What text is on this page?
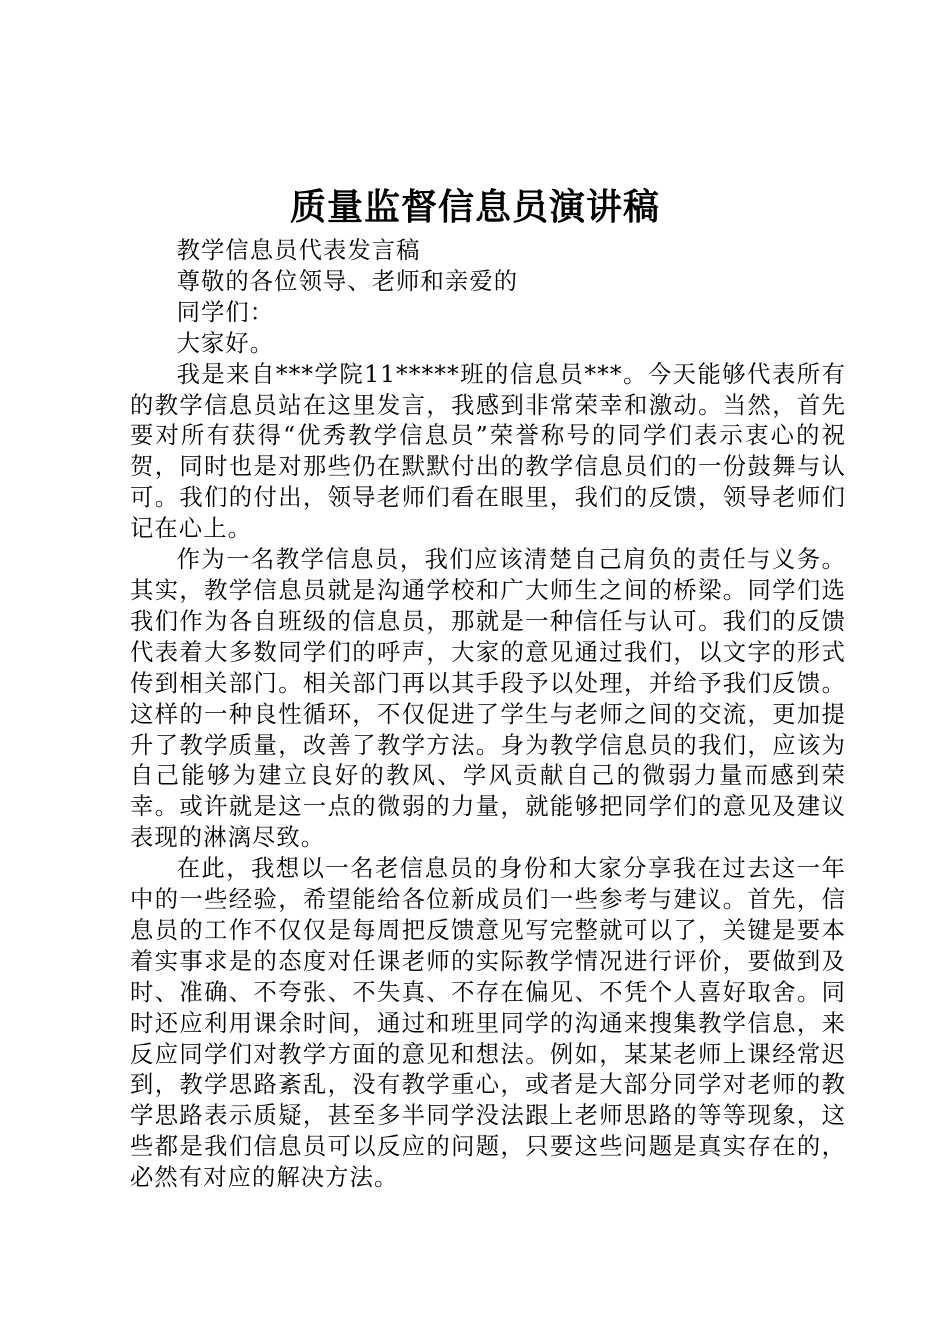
质量监督信息员演讲稿

教学信息员代表发言稿

尊敬的各位领导、老师和亲爱的

同学们：

大家好。

我是来自***学院11*****班的信息员***。今天能够代表所有的教学信息员站在这里发言，我感到非常荣幸和激动。当然，首先要对所有获得“优秀教学信息员”荣誉称号的同学们表示衷心的祝贺，同时也是对那些仍在默默付出的教学信息员们的一份鼓舞与认可。我们的付出，领导老师们看在眼里，我们的反馈，领导老师们记在心上。

作为一名教学信息员，我们应该清楚自己肩负的责任与义务。其实，教学信息员就是沟通学校和广大师生之间的桥梁。同学们选我们作为各自班级的信息员，那就是一种信任与认可。我们的反馈代表着大多数同学们的呼声，大家的意见通过我们，以文字的形式传到相关部门。相关部门再以其手段予以处理，并给予我们反馈。这样的一种良性循环，不仅促进了学生与老师之间的交流，更加提升了教学质量，改善了教学方法。身为教学信息员的我们，应该为自己能够为建立良好的教风、学风贡献自己的微弱力量而感到荣幸。或许就是这一点的微弱的力量，就能够把同学们的意见及建议表现的淋漓尽致。

在此，我想以一名老信息员的身份和大家分享我在过去这一年中的一些经验，希望能给各位新成员们一些参考与建议。首先，信息员的工作不仅仅是每周把反馈意见写完整就可以了，关键是要本着实事求是的态度对任课老师的实际教学情况进行评价，要做到及时、准确、不夸张、不失真、不存在偏见、不凭个人喜好取舍。同时还应利用课余时间，通过和班里同学的沟通来搜集教学信息，来反应同学们对教学方面的意见和想法。例如，某某老师上课经常迟到，教学思路紊乱，没有教学重心，或者是大部分同学对老师的教学思路表示质疑，甚至多半同学没法跟上老师思路的等等现象，这些都是我们信息员可以反应的问题，只要这些问题是真实存在的，必然有对应的解决方法。
